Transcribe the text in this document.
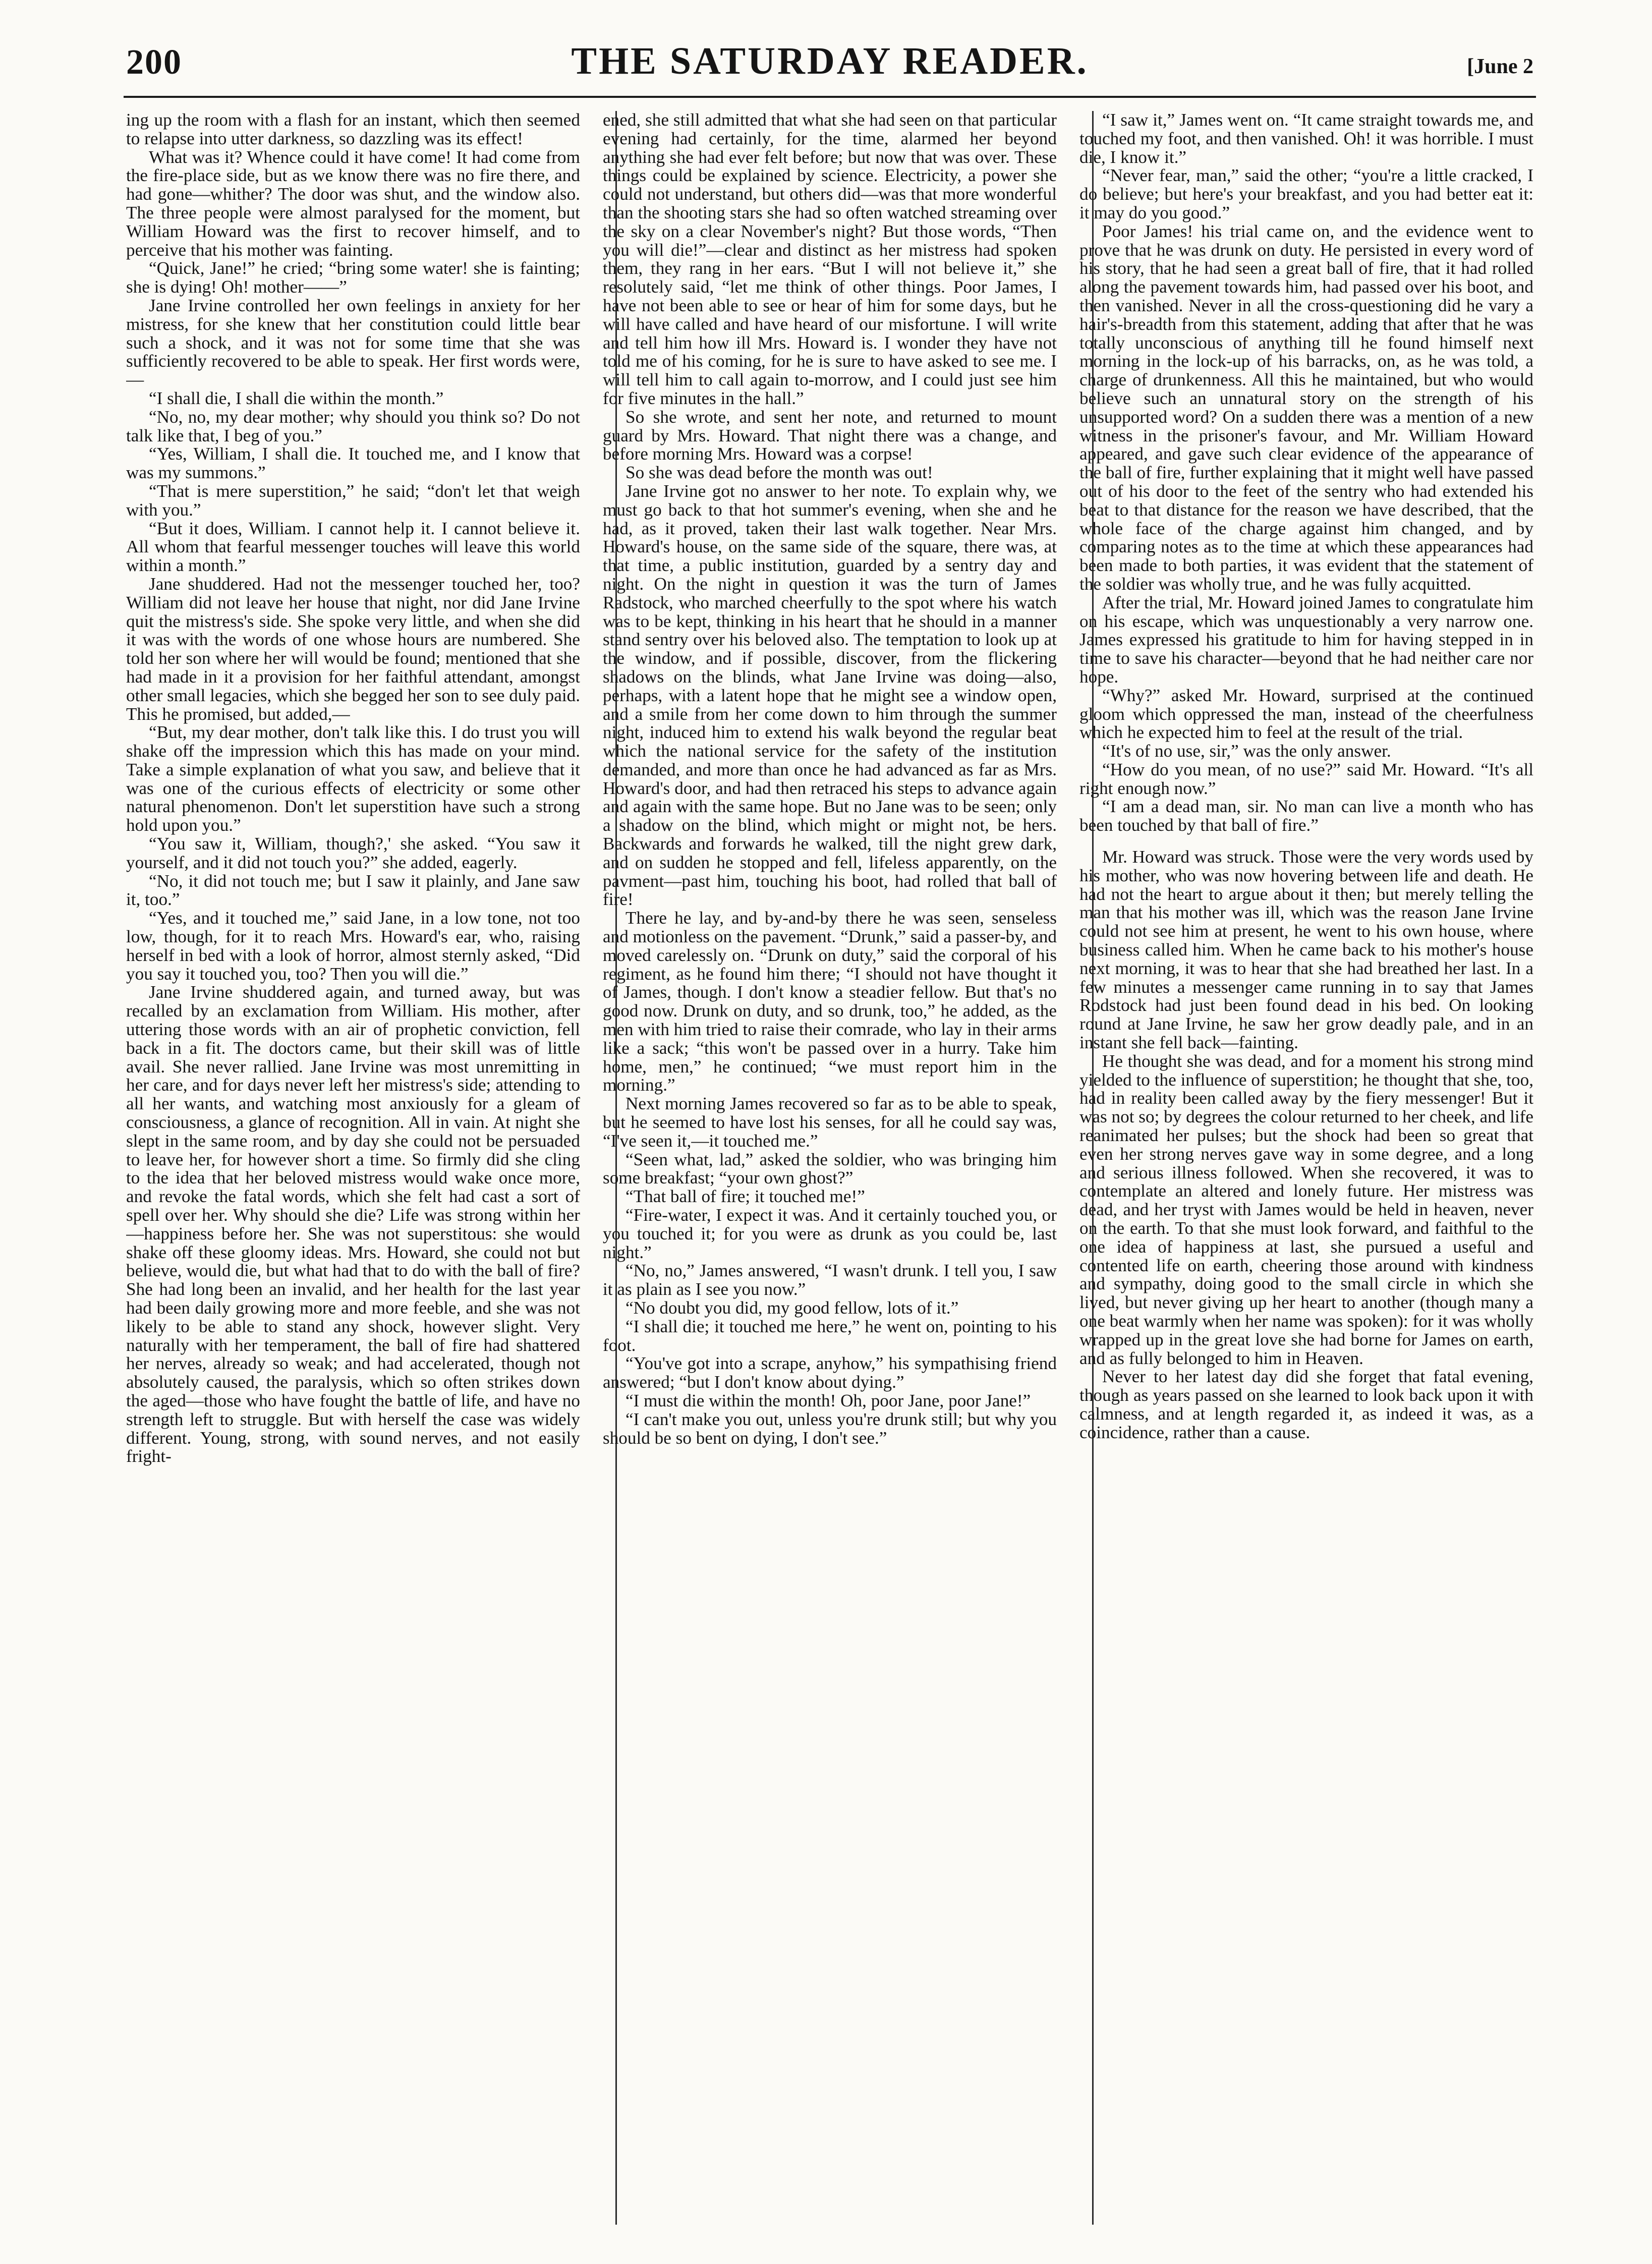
200	THE SATURDAY READER.	[June 2

ing up the room with a flash for an instant, which then seemed to relapse into utter darkness, so dazzling was its effect!

What was it? Whence could it have come! It had come from the fire-place side, but as we know there was no fire there, and had gone—whither? The door was shut, and the window also. The three people were almost paralysed for the moment, but William Howard was the first to recover himself, and to perceive that his mother was fainting.

“Quick, Jane!” he cried; “bring some water! she is fainting; she is dying! Oh! mother——”

Jane Irvine controlled her own feelings in anxiety for her mistress, for she knew that her constitution could little bear such a shock, and it was not for some time that she was sufficiently recovered to be able to speak. Her first words were,—

“I shall die, I shall die within the month.”

“No, no, my dear mother; why should you think so? Do not talk like that, I beg of you.”

“Yes, William, I shall die. It touched me, and I know that was my summons.”

“That is mere superstition,” he said; “don't let that weigh with you.”

“But it does, William. I cannot help it. I cannot believe it. All whom that fearful messenger touches will leave this world within a month.”

Jane shuddered. Had not the messenger touched her, too? William did not leave her house that night, nor did Jane Irvine quit the mistress's side. She spoke very little, and when she did it was with the words of one whose hours are numbered. She told her son where her will would be found; mentioned that she had made in it a provision for her faithful attendant, amongst other small legacies, which she begged her son to see duly paid. This he promised, but added,—

“But, my dear mother, don't talk like this. I do trust you will shake off the impression which this has made on your mind. Take a simple explanation of what you saw, and believe that it was one of the curious effects of electricity or some other natural phenomenon. Don't let superstition have such a strong hold upon you.”

“You saw it, William, though?,' she asked. “You saw it yourself, and it did not touch you?” she added, eagerly.

“No, it did not touch me; but I saw it plainly, and Jane saw it, too.”

“Yes, and it touched me,” said Jane, in a low tone, not too low, though, for it to reach Mrs. Howard's ear, who, raising herself in bed with a look of horror, almost sternly asked, “Did you say it touched you, too? Then you will die.”

Jane Irvine shuddered again, and turned away, but was recalled by an exclamation from William. His mother, after uttering those words with an air of prophetic conviction, fell back in a fit. The doctors came, but their skill was of little avail. She never rallied. Jane Irvine was most unremitting in her care, and for days never left her mistress's side; attending to all her wants, and watching most anxiously for a gleam of consciousness, a glance of recognition. All in vain. At night she slept in the same room, and by day she could not be persuaded to leave her, for however short a time. So firmly did she cling to the idea that her beloved mistress would wake once more, and revoke the fatal words, which she felt had cast a sort of spell over her. Why should she die? Life was strong within her—happiness before her. She was not superstitous: she would shake off these gloomy ideas. Mrs. Howard, she could not but believe, would die, but what had that to do with the ball of fire? She had long been an invalid, and her health for the last year had been daily growing more and more feeble, and she was not likely to be able to stand any shock, however slight. Very naturally with her temperament, the ball of fire had shattered her nerves, already so weak; and had accelerated, though not absolutely caused, the paralysis, which so often strikes down the aged—those who have fought the battle of life, and have no strength left to struggle. But with herself the case was widely different. Young, strong, with sound nerves, and not easily fright-

ened, she still admitted that what she had seen on that particular evening had certainly, for the time, alarmed her beyond anything she had ever felt before; but now that was over. These things could be explained by science. Electricity, a power she could not understand, but others did—was that more wonderful than the shooting stars she had so often watched streaming over the sky on a clear November's night? But those words, “Then you will die!”—clear and distinct as her mistress had spoken them, they rang in her ears. “But I will not believe it,” she resolutely said, “let me think of other things. Poor James, I have not been able to see or hear of him for some days, but he will have called and have heard of our misfortune. I will write and tell him how ill Mrs. Howard is. I wonder they have not told me of his coming, for he is sure to have asked to see me. I will tell him to call again to-morrow, and I could just see him for five minutes in the hall.”

So she wrote, and sent her note, and returned to mount guard by Mrs. Howard. That night there was a change, and before morning Mrs. Howard was a corpse!

So she was dead before the month was out!

Jane Irvine got no answer to her note. To explain why, we must go back to that hot summer's evening, when she and he had, as it proved, taken their last walk together. Near Mrs. Howard's house, on the same side of the square, there was, at that time, a public institution, guarded by a sentry day and night. On the night in question it was the turn of James Radstock, who marched cheerfully to the spot where his watch was to be kept, thinking in his heart that he should in a manner stand sentry over his beloved also. The temptation to look up at the window, and if possible, discover, from the flickering shadows on the blinds, what Jane Irvine was doing—also, perhaps, with a latent hope that he might see a window open, and a smile from her come down to him through the summer night, induced him to extend his walk beyond the regular beat which the national service for the safety of the institution demanded, and more than once he had advanced as far as Mrs. Howard's door, and had then retraced his steps to advance again and again with the same hope. But no Jane was to be seen; only a shadow on the blind, which might or might not, be hers. Backwards and forwards he walked, till the night grew dark, and on sudden he stopped and fell, lifeless apparently, on the pavment—past him, touching his boot, had rolled that ball of fire!

There he lay, and by-and-by there he was seen, senseless and motionless on the pavement. “Drunk,” said a passer-by, and moved carelessly on. “Drunk on duty,” said the corporal of his regiment, as he found him there; “I should not have thought it of James, though. I don't know a steadier fellow. But that's no good now. Drunk on duty, and so drunk, too,” he added, as the men with him tried to raise their comrade, who lay in their arms like a sack; “this won't be passed over in a hurry. Take him home, men,” he continued; “we must report him in the morning.”

Next morning James recovered so far as to be able to speak, but he seemed to have lost his senses, for all he could say was, “I've seen it,—it touched me.”

“Seen what, lad,” asked the soldier, who was bringing him some breakfast; “your own ghost?”

“That ball of fire; it touched me!”

“Fire-water, I expect it was. And it certainly touched you, or you touched it; for you were as drunk as you could be, last night.”

“No, no,” James answered, “I wasn't drunk. I tell you, I saw it as plain as I see you now.”

“No doubt you did, my good fellow, lots of it.”

“I shall die; it touched me here,” he went on, pointing to his foot.

“You've got into a scrape, anyhow,” his sympathising friend answered; “but I don't know about dying.”

“I must die within the month! Oh, poor Jane, poor Jane!”

“I can't make you out, unless you're drunk still; but why you should be so bent on dying, I don't see.”

“I saw it,” James went on. “It came straight towards me, and touched my foot, and then vanished. Oh! it was horrible. I must die, I know it.”

“Never fear, man,” said the other; “you're a little cracked, I do believe; but here's your breakfast, and you had better eat it: it may do you good.”

Poor James! his trial came on, and the evidence went to prove that he was drunk on duty. He persisted in every word of his story, that he had seen a great ball of fire, that it had rolled along the pavement towards him, had passed over his boot, and then vanished. Never in all the cross-questioning did he vary a hair's-breadth from this statement, adding that after that he was totally unconscious of anything till he found himself next morning in the lock-up of his barracks, on, as he was told, a charge of drunkenness. All this he maintained, but who would believe such an unnatural story on the strength of his unsupported word? On a sudden there was a mention of a new witness in the prisoner's favour, and Mr. William Howard appeared, and gave such clear evidence of the appearance of the ball of fire, further explaining that it might well have passed out of his door to the feet of the sentry who had extended his beat to that distance for the reason we have described, that the whole face of the charge against him changed, and by comparing notes as to the time at which these appearances had been made to both parties, it was evident that the statement of the soldier was wholly true, and he was fully acquitted.

After the trial, Mr. Howard joined James to congratulate him on his escape, which was unquestionably a very narrow one. James expressed his gratitude to him for having stepped in in time to save his character—beyond that he had neither care nor hope.

“Why?” asked Mr. Howard, surprised at the continued gloom which oppressed the man, instead of the cheerfulness which he expected him to feel at the result of the trial.

“It's of no use, sir,” was the only answer.

“How do you mean, of no use?” said Mr. Howard. “It's all right enough now.”

“I am a dead man, sir. No man can live a month who has been touched by that ball of fire.”

Mr. Howard was struck. Those were the very words used by his mother, who was now hovering between life and death. He had not the heart to argue about it then; but merely telling the man that his mother was ill, which was the reason Jane Irvine could not see him at present, he went to his own house, where business called him. When he came back to his mother's house next morning, it was to hear that she had breathed her last. In a few minutes a messenger came running in to say that James Rodstock had just been found dead in his bed. On looking round at Jane Irvine, he saw her grow deadly pale, and in an instant she fell back—fainting.

He thought she was dead, and for a moment his strong mind yielded to the influence of superstition; he thought that she, too, had in reality been called away by the fiery messenger! But it was not so; by degrees the colour returned to her cheek, and life reanimated her pulses; but the shock had been so great that even her strong nerves gave way in some degree, and a long and serious illness followed. When she recovered, it was to contemplate an altered and lonely future. Her mistress was dead, and her tryst with James would be held in heaven, never on the earth. To that she must look forward, and faithful to the one idea of happiness at last, she pursued a useful and contented life on earth, cheering those around with kindness and sympathy, doing good to the small circle in which she lived, but never giving up her heart to another (though many a one beat warmly when her name was spoken): for it was wholly wrapped up in the great love she had borne for James on earth, and as fully belonged to him in Heaven.

Never to her latest day did she forget that fatal evening, though as years passed on she learned to look back upon it with calmness, and at length regarded it, as indeed it was, as a coincidence, rather than a cause.
